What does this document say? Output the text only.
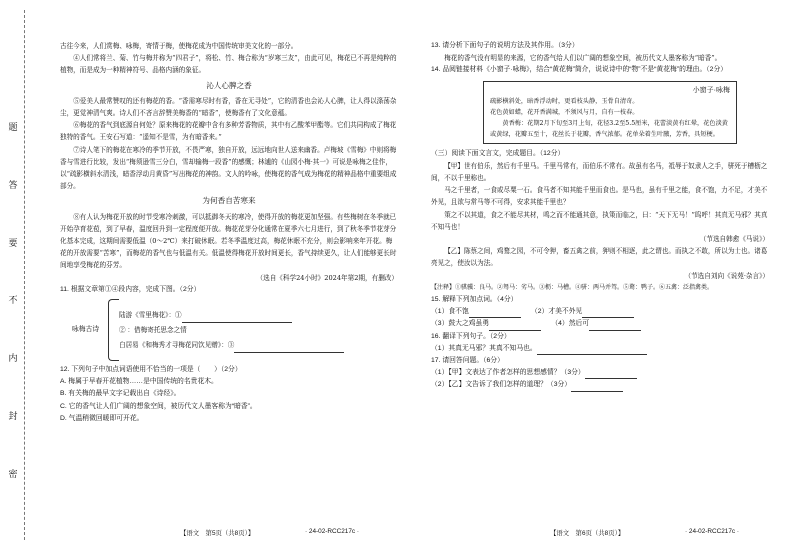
题
答
要
不
内
封
密

古往今来，人们赏梅、咏梅，寄情于梅，使梅花成为中国传统审美文化的一部分。

④人们常将兰、菊、竹与梅并称为“四君子”，将松、竹、梅合称为“岁寒三友”，由此可见，梅花已不再是纯粹的植物，而是成为一种精神符号、品格内涵的象征。

沁人心脾之香

⑤爱美人最常赞叹的还有梅花的香。“香需寒尽时有香，香在无寻处”，它的清香也会沁人心脾，让人得以涤荡杂尘，更觉神清气爽。诗人们不吝言辞赞美梅香的“暗香”，使梅香有了文化意蕴。

⑥梅花的香气到底源自何处？原来梅花的花瓣中含有多种芳香物质，其中有乙酸苯甲酯等。它们共同构成了梅花独特的香气。王安石写道：“遥知不是雪，为有暗香来。”

⑦诗人笔下的梅花在寒冷的季节开放，不畏严寒，独自开放，远远地向世人送来幽香。卢梅坡《雪梅》中则将梅香与雪进行比较，发出“梅须逊雪三分白，雪却输梅一段香”的感慨；林逋的《山园小梅·其一》可说是咏梅之佳作，以“疏影横斜水清浅，暗香浮动月黄昏”写出梅花的神韵。文人的吟咏，使梅花的香气成为梅花的精神品格中重要组成部分。

为何香自苦寒来

⑧有人认为梅花开放的时节受寒冷刺激，可以抵御冬天的寒冷，使得开放的梅花更加坚强。有些梅树在冬季就已开始孕育花苞，到了早春，温度回升到一定程度便开放。梅花花芽分化通常在夏季六七月进行，到了秋冬季节花芽分化基本完成，这期间需要低温（0～2℃）来打破休眠。若冬季温度过高，梅花休眠不充分，则会影响来年开花。梅花的开放需要“苦寒”，而梅花的香气也与低温有关。低温使得梅花开放时间更长，香气持续更久，让人们能够更长时间地享受梅花的芬芳。

（选自《科学24小时》2024年第2期，有删改）

11. 根据文章第①④段内容，完成下图。（2分）

咏梅古诗
陆游《雪里梅花》：①
② ：借梅寄托思念之情
白居易《和梅秀才寻梅花同饮见赠》：③

12. 下列句子中加点词语使用不恰当的一项是（　　）（2分）

A. 梅属于早春开花植物……是中国传统的名贵花木。

B. 有关梅的最早文字记载出自《诗经》。

C. 它的香气让人们广阔的想象空间，被历代文人墨客称为“暗香”。

D. 气温稍微回暖即可开花。

13. 请分析下面句子的说明方法及其作用。（3分）

梅花的香气没有明显的来源，它的香气给人们以广阔的想象空间，被历代文人墨客称为“暗香”。

14. 品阅链接材料《小窗子·咏梅》，结合“黄花梅”简介，说说诗中的“物”不是“黄花梅”的理由。（2分）

小窗子·咏梅
疏影横斜处，暗香浮动时，更看枝头静，玉骨自清奇。
花色黄如蜡，花开香满城，不须风与月，自有一枝春。
黄香梅：花期2月下旬至3月上旬，花径3.2至5.5厘米，花蕾淡黄有红晕，花色淡黄或黄绿，花瓣五至十，花丝长于花瓣，香气浓郁。花单朵着生叶腋，芳香，具短梗。

（三）阅读下面文言文，完成题目。（12分）

【甲】世有伯乐，然后有千里马。千里马常有，而伯乐不常有。故虽有名马，祗辱于奴隶人之手，骈死于槽枥之间，不以千里称也。

马之千里者，一食或尽粟一石。食马者不知其能千里而食也。是马也，虽有千里之能，食不饱，力不足，才美不外见，且欲与常马等不可得，安求其能千里也？

策之不以其道，食之不能尽其材，鸣之而不能通其意，执策而临之，曰：“天下无马！”呜呼！其真无马邪？其真不知马也！

（节选自韩愈《马说》）

【乙】陈蔡之间，鸡鹜之园，不可令狎，畜五禽之前，狎则不相逐，此之谓也。而执之不敢，所以为士也。诸葛亮见之，使汝以为法。

（节选自刘向《说苑·杂言》）

【注释】①骐骥：良马。②驽马：劣马。③枥：马槽。④骈：两马并驾。⑤鹜：鸭子。⑥五禽：泛指禽类。

15. 解释下列加点词。（4分）

（1）食不饱　　	（2）才美不外见

（3）鼓大之鸡虽勇　　	（4）然后可

16. 翻译下列句子。（2分）

（1）其真无马邪？其真不知马也。

17. 请回答问题。（6分）

（1）【甲】文表达了作者怎样的思想感情？（3分）

（2）【乙】文告诉了我们怎样的道理？（3分）

【语文　第5页（共8页）】	· 24-02-RCC217c ·	【语文　第6页（共8页）】	· 24-02-RCC217c ·
